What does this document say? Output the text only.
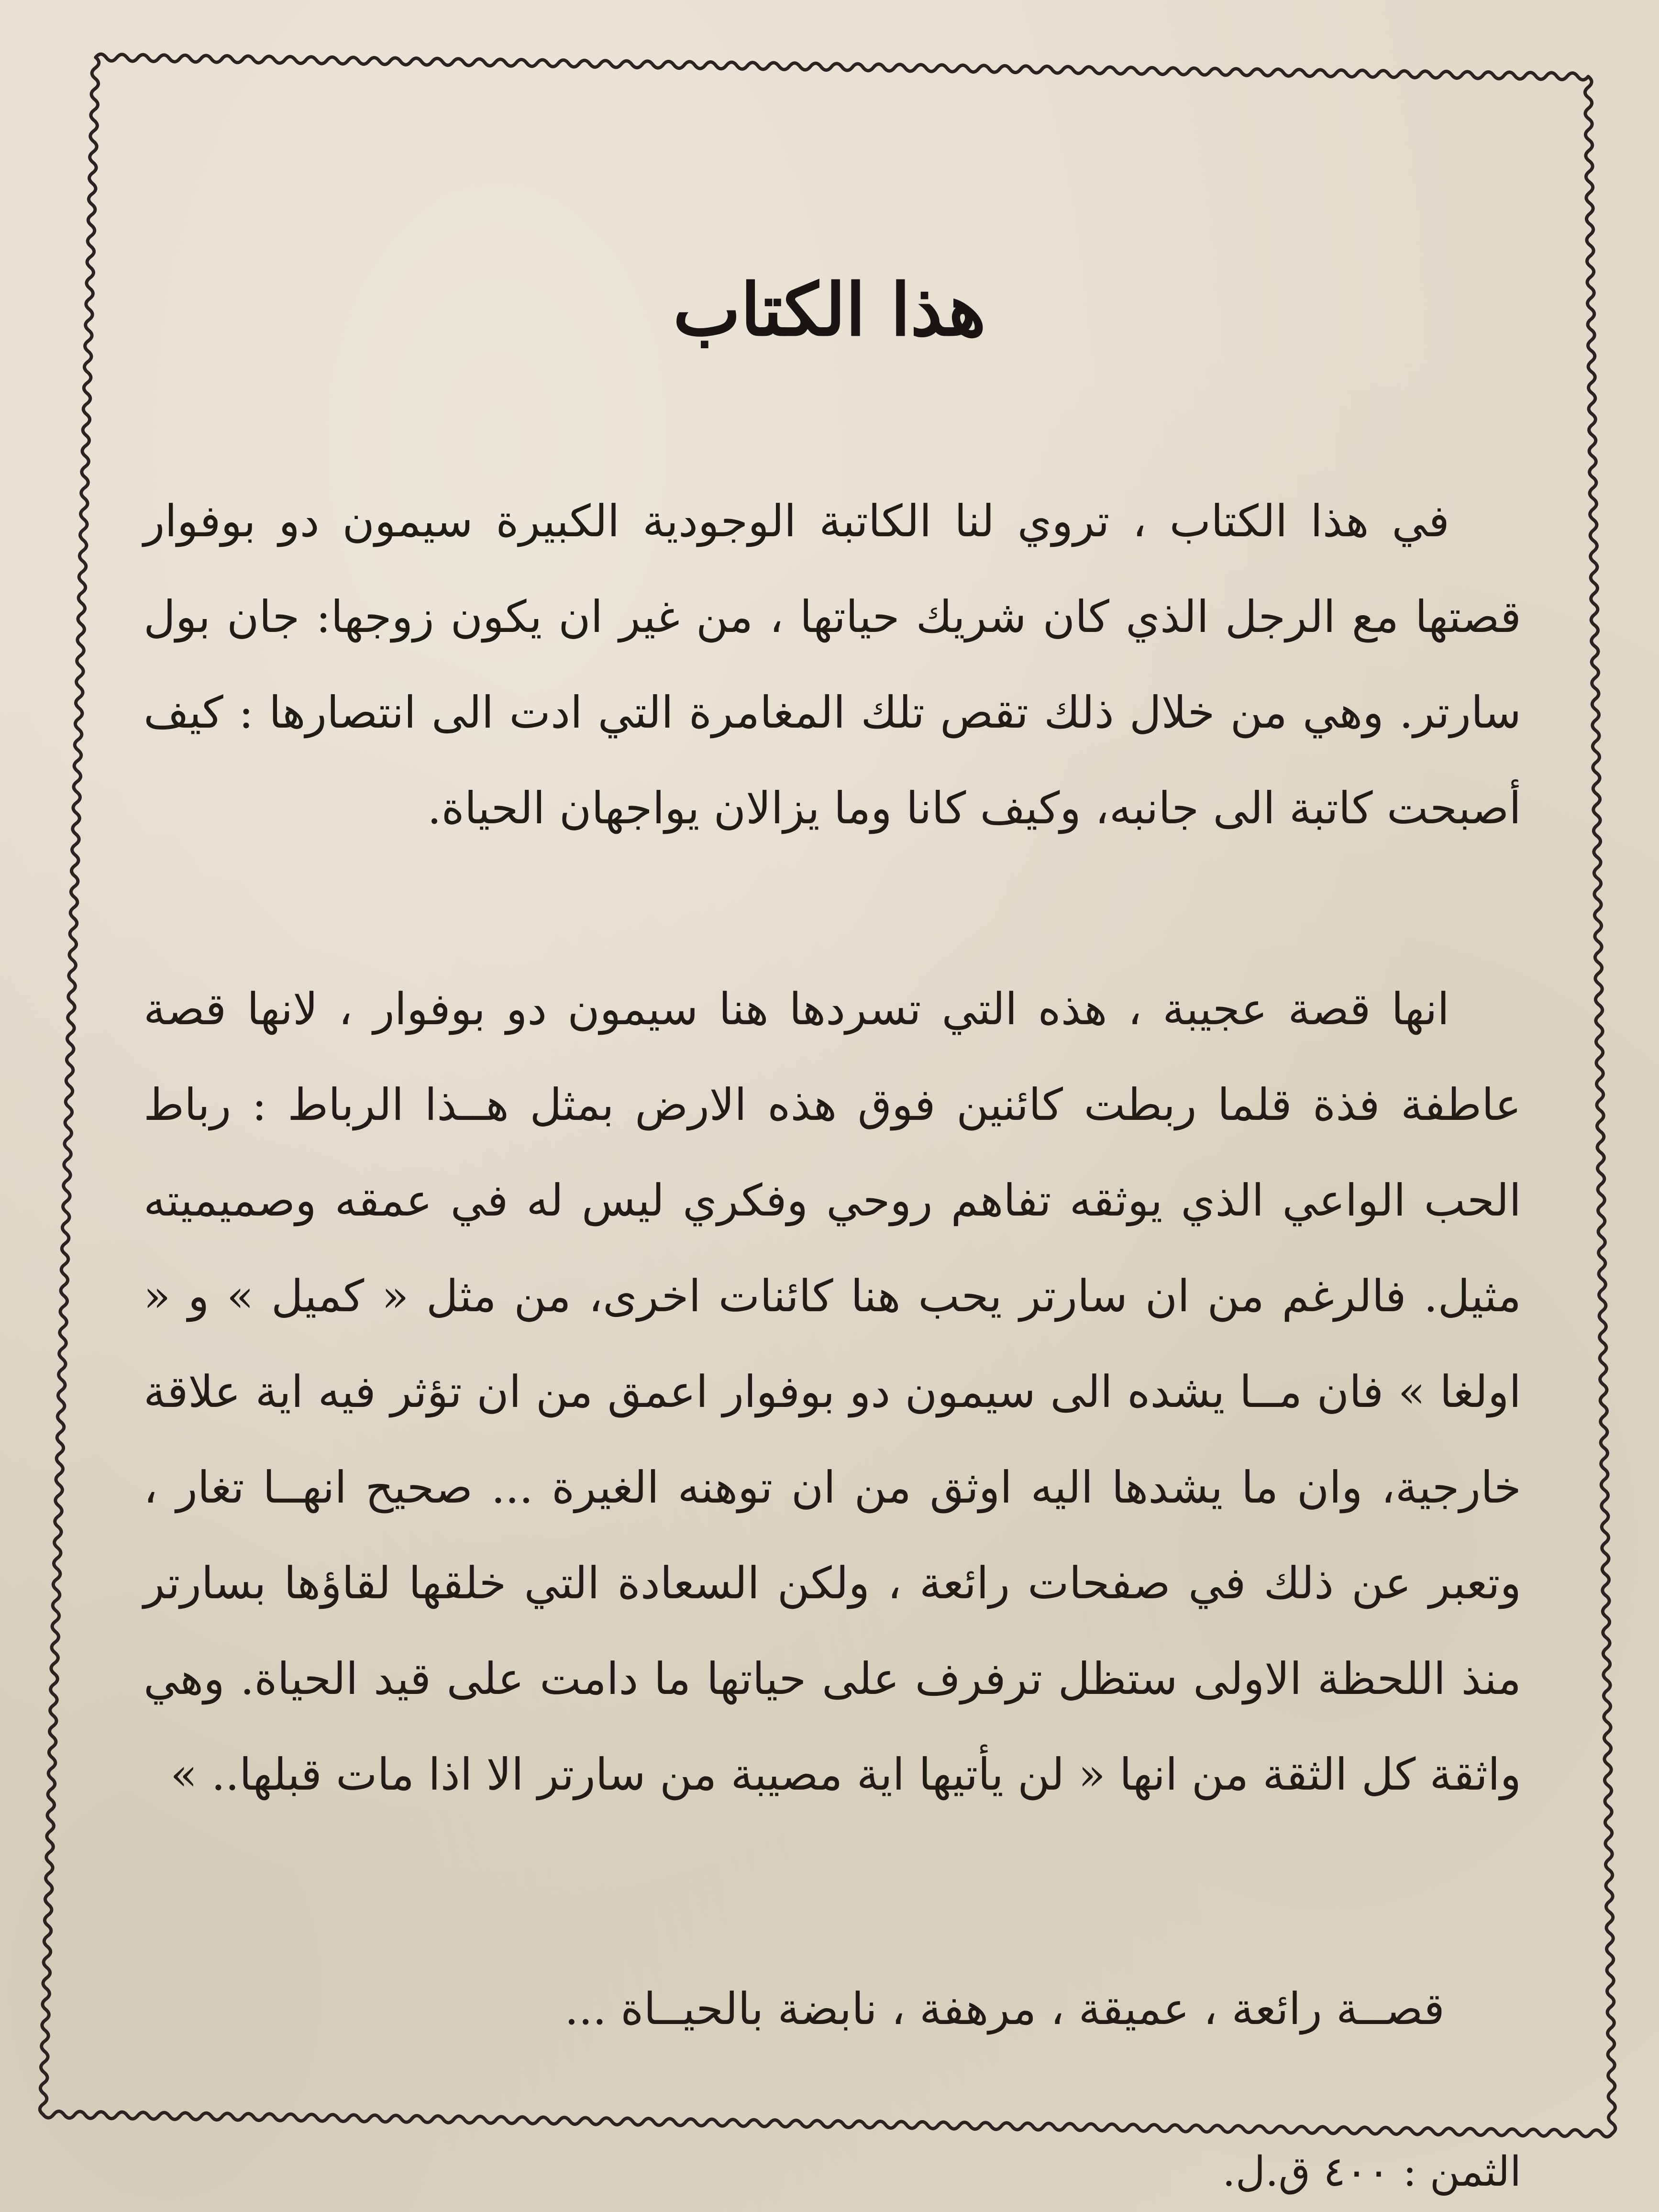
هذا الكتاب

في هذا الكتاب ، تروي لنا الكاتبة الوجودية الكبيرة سيمون دو بوفوار قصتها مع الرجل الذي كان شريك حياتها ، من غير ان يكون زوجها: جان بول سارتر. وهي من خلال ذلك تقص تلك المغامرة التي ادت الى انتصارها : كيف أصبحت كاتبة الى جانبه، وكيف كانا وما يزالان يواجهان الحياة.

انها قصة عجيبة ، هذه التي تسردها هنا سيمون دو بوفوار ، لانها قصة عاطفة فذة قلما ربطت كائنين فوق هذه الارض بمثل هــذا الرباط : رباط الحب الواعي الذي يوثقه تفاهم روحي وفكري ليس له في عمقه وصميميته مثيل. فالرغم من ان سارتر يحب هنا كائنات اخرى، من مثل « كميل » و « اولغا » فان مــا يشده الى سيمون دو بوفوار اعمق من ان تؤثر فيه اية علاقة خارجية، وان ما يشدها اليه اوثق من ان توهنه الغيرة ... صحيح انهــا تغار ، وتعبر عن ذلك في صفحات رائعة ، ولكن السعادة التي خلقها لقاؤها بسارتر منذ اللحظة الاولى ستظل ترفرف على حياتها ما دامت على قيد الحياة. وهي واثقة كل الثقة من انها « لن يأتيها اية مصيبة من سارتر الا اذا مات قبلها.. »

قصــة رائعة ، عميقة ، مرهفة ، نابضة بالحيــاة ...
الثمن : ٤٠٠ ق.ل.
